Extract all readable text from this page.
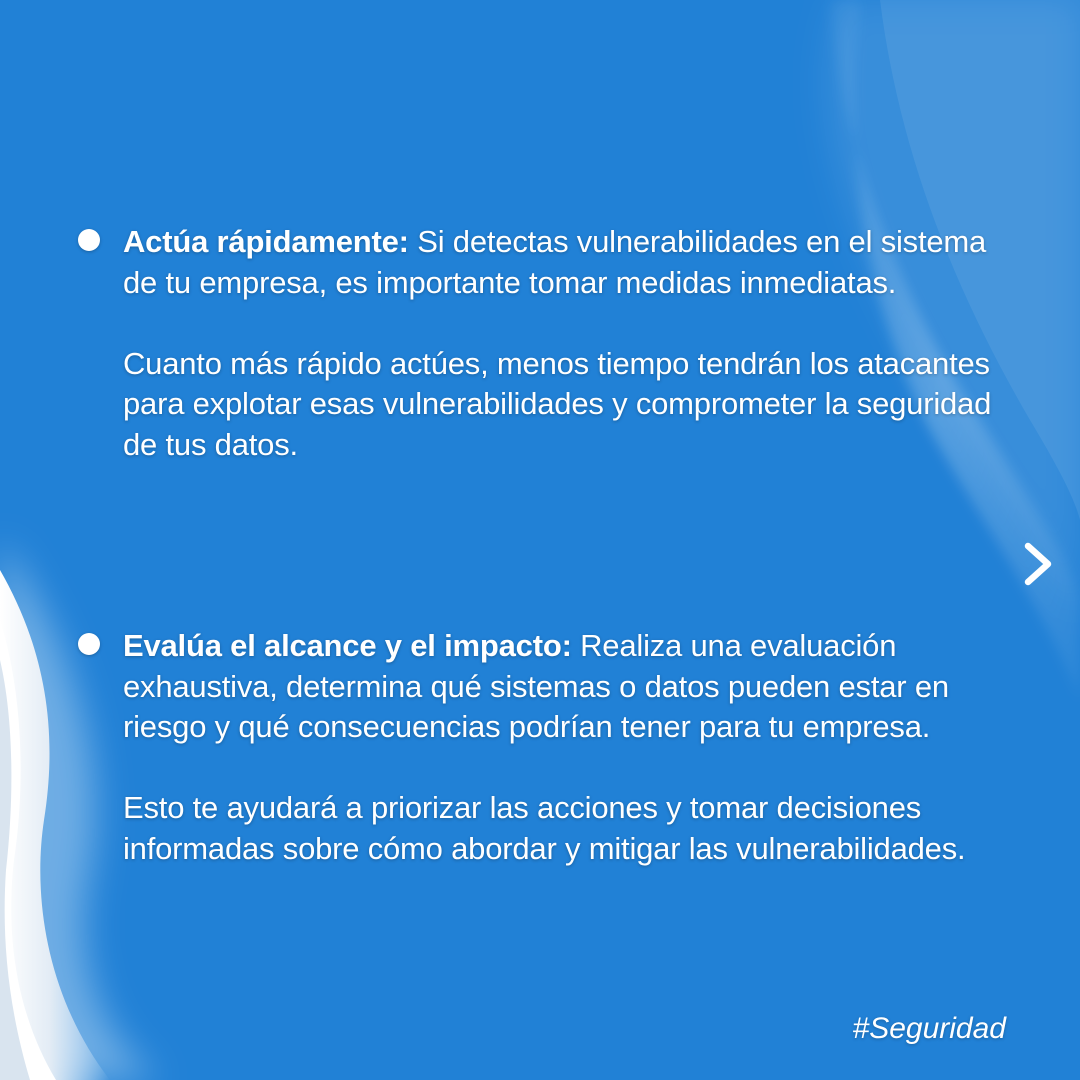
Actúa rápidamente: Si detectas vulnerabilidades en el sistema de tu empresa, es importante tomar medidas inmediatas.

Cuanto más rápido actúes, menos tiempo tendrán los atacantes para explotar esas vulnerabilidades y comprometer la seguridad de tus datos.

Evalúa el alcance y el impacto: Realiza una evaluación exhaustiva, determina qué sistemas o datos pueden estar en riesgo y qué consecuencias podrían tener para tu empresa.

Esto te ayudará a priorizar las acciones y tomar decisiones informadas sobre cómo abordar y mitigar las vulnerabilidades.

#Seguridad
